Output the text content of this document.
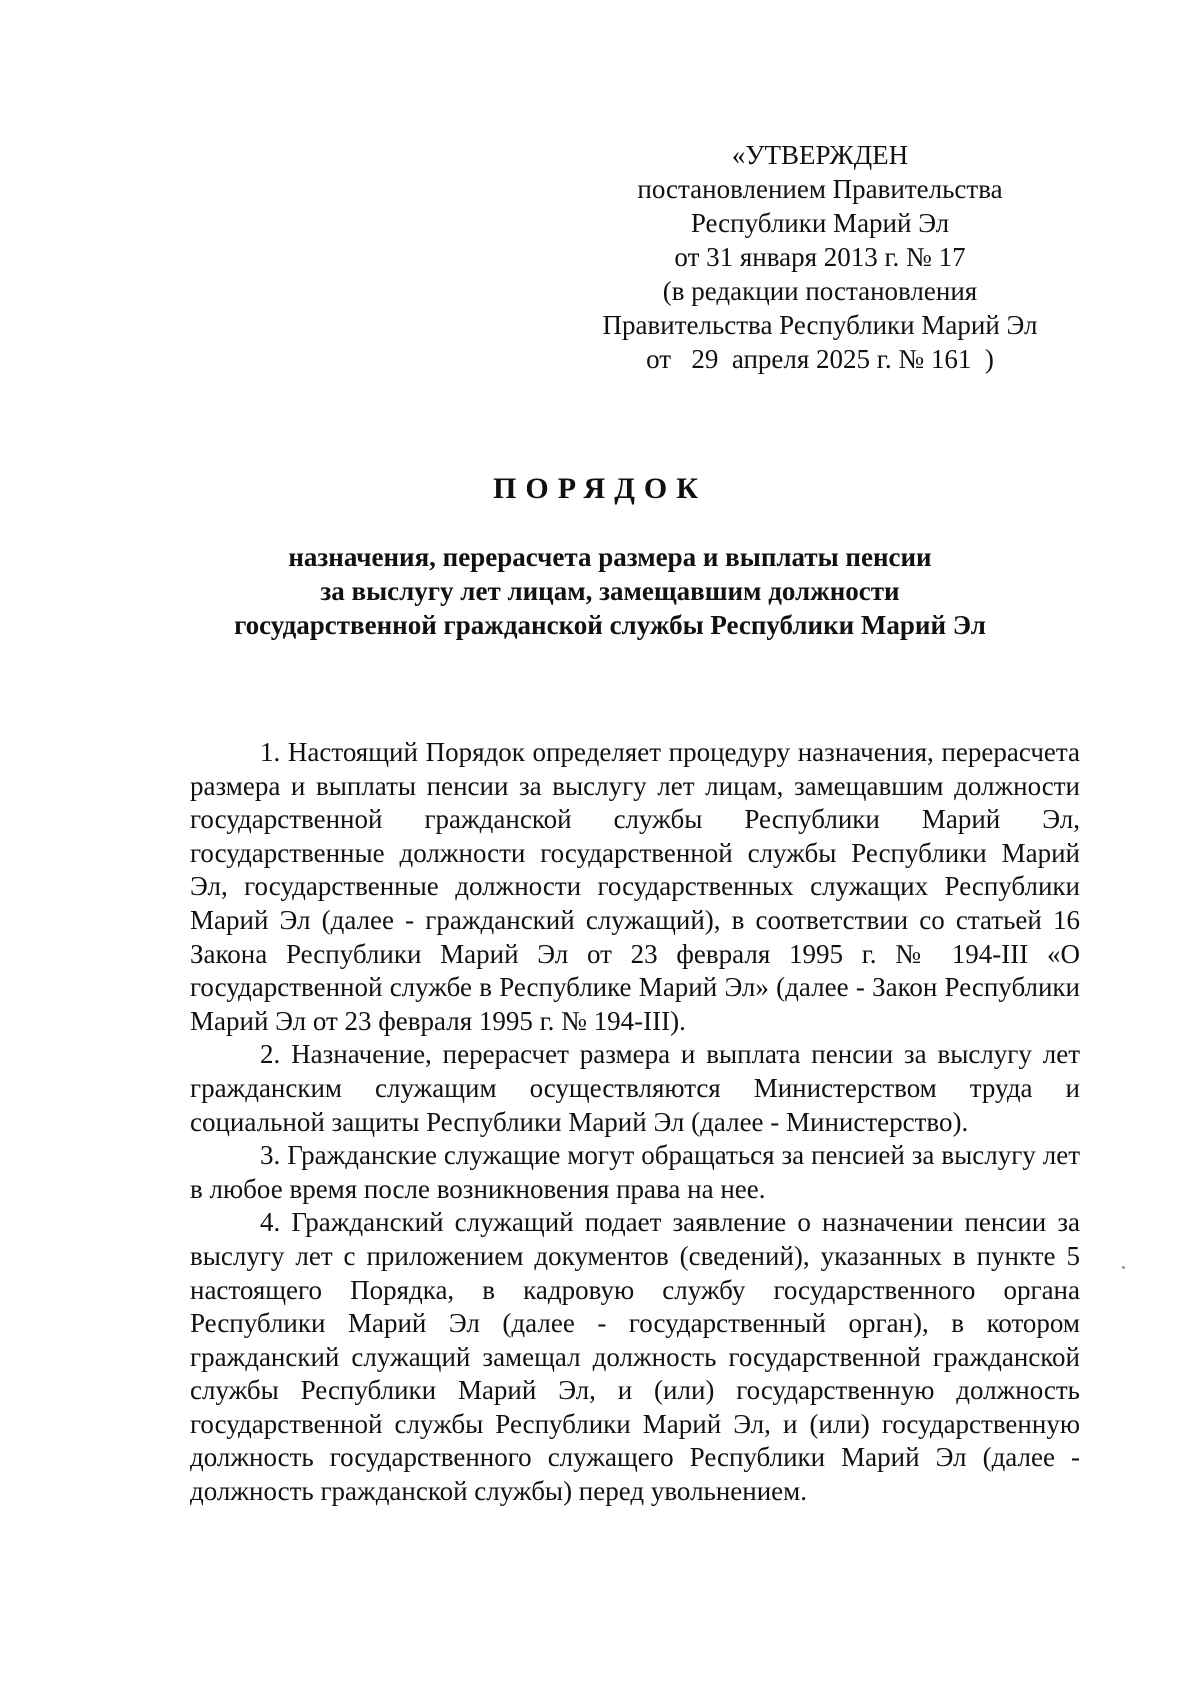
«УТВЕРЖДЕН
постановлением Правительства
Республики Марий Эл
от 31 января 2013 г. № 17
(в редакции постановления
Правительства Республики Марий Эл
от   29  апреля 2025 г. № 161  )
ПОРЯДОК
назначения, перерасчета размера и выплаты пенсии
за выслугу лет лицам, замещавшим должности
государственной гражданской службы Республики Марий Эл

1. Настоящий Порядок определяет процедуру назначения, перерасчета размера и выплаты пенсии за выслугу лет лицам, замещавшим должности государственной гражданской службы Республики Марий Эл, государственные должности государственной службы Республики Марий Эл, государственные должности государственных служащих Республики Марий Эл (далее - гражданский служащий), в соответствии со статьей 16 Закона Республики Марий Эл от 23 февраля 1995 г. № 194-III «О государственной службе в Республике Марий Эл» (далее - Закон Республики Марий Эл от 23 февраля 1995 г. № 194-III).

2. Назначение, перерасчет размера и выплата пенсии за выслугу лет гражданским служащим осуществляются Министерством труда и социальной защиты Республики Марий Эл (далее - Министерство).

3. Гражданские служащие могут обращаться за пенсией за выслугу лет в любое время после возникновения права на нее.

4. Гражданский служащий подает заявление о назначении пенсии за выслугу лет с приложением документов (сведений), указанных в пункте 5 настоящего Порядка, в кадровую службу государственного органа Республики Марий Эл (далее - государственный орган), в котором гражданский служащий замещал должность государственной гражданской службы Республики Марий Эл, и (или) государственную должность государственной службы Республики Марий Эл, и (или) государственную должность государственного служащего Республики Марий Эл (далее - должность гражданской службы) перед увольнением.
